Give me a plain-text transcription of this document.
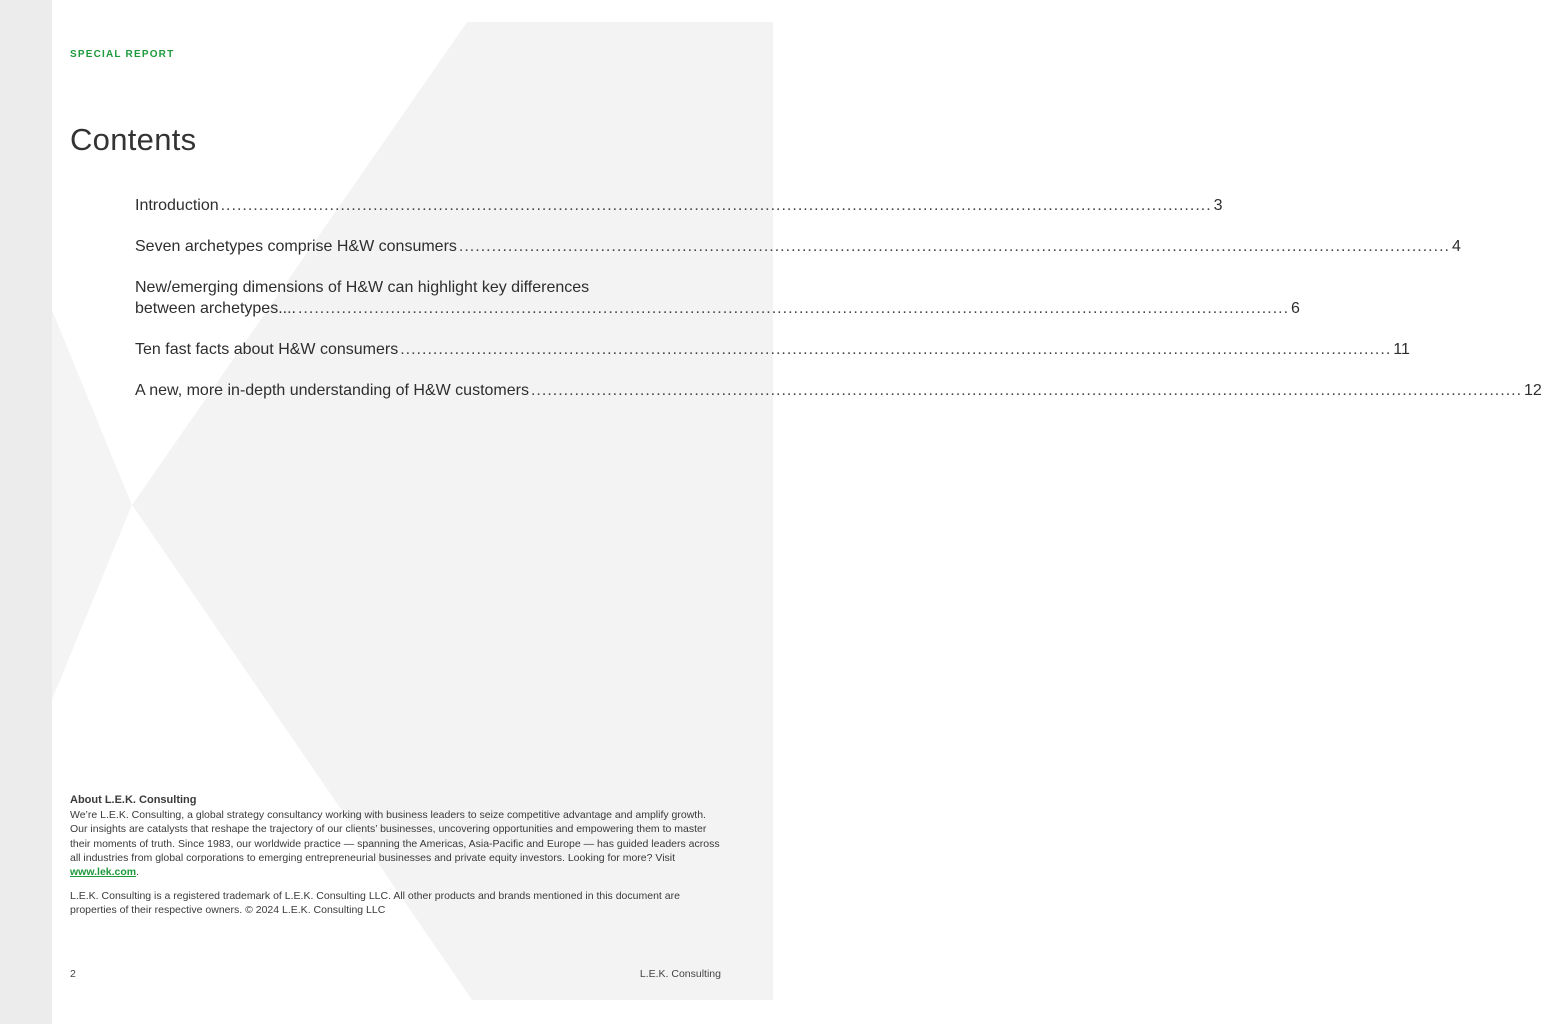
SPECIAL REPORT
Contents
Introduction ...................................................................................................................................................................................... 3
Seven archetypes comprise H&W consumers ...................................................................................................................................................................................... 4
New/emerging dimensions of H&W can highlight key differences
between archetypes.... ...................................................................................................................................................................................... 6
Ten fast facts about H&W consumers ...................................................................................................................................................................................... 11
A new, more in-depth understanding of H&W customers ...................................................................................................................................................................................... 12
About L.E.K. Consulting
We’re L.E.K. Consulting, a global strategy consultancy working with business leaders to seize competitive advantage and amplify growth. Our insights are catalysts that reshape the trajectory of our clients’ businesses, uncovering opportunities and empowering them to master their moments of truth. Since 1983, our worldwide practice — spanning the Americas, Asia-Pacific and Europe — has guided leaders across all industries from global corporations to emerging entrepreneurial businesses and private equity investors. Looking for more? Visit www.lek.com.
L.E.K. Consulting is a registered trademark of L.E.K. Consulting LLC. All other products and brands mentioned in this document are properties of their respective owners. © 2024 L.E.K. Consulting LLC
2	L.E.K. Consulting
